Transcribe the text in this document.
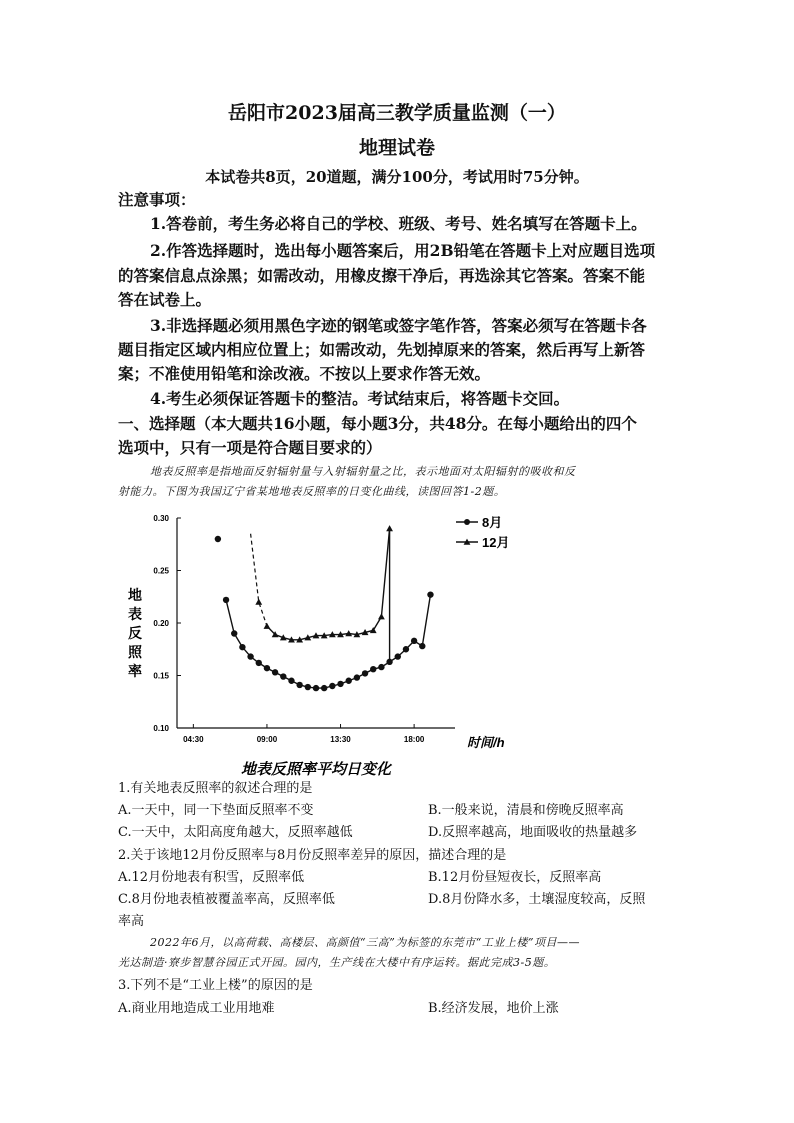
岳阳市2023届高三教学质量监测（一）
地理试卷
本试卷共8页，20道题，满分100分，考试用时75分钟。
注意事项：
1.答卷前，考生务必将自己的学校、班级、考号、姓名填写在答题卡上。
2.作答选择题时，选出每小题答案后，用2B铅笔在答题卡上对应题目选项
的答案信息点涂黑；如需改动，用橡皮擦干净后，再选涂其它答案。答案不能
答在试卷上。
3.非选择题必须用黑色字迹的钢笔或签字笔作答，答案必须写在答题卡各
题目指定区域内相应位置上；如需改动，先划掉原来的答案，然后再写上新答
案；不准使用铅笔和涂改液。不按以上要求作答无效。
4.考生必须保证答题卡的整洁。考试结束后，将答题卡交回。
一、选择题（本大题共16小题，每小题3分，共48分。在每小题给出的四个
选项中，只有一项是符合题目要求的）
地表反照率是指地面反射辐射量与入射辐射量之比，表示地面对太阳辐射的吸收和反
射能力。下图为我国辽宁省某地地表反照率的日变化曲线，读图回答1-2题。
0.30
0.25
0.20
0.15
0.10
04:30	09:00	13:30	18:00	时间/h
地
表
反
照
率
8月
12月
地表反照率平均日变化
1.有关地表反照率的叙述合理的是
A.一天中，同一下垫面反照率不变	B.一般来说，清晨和傍晚反照率高
C.一天中，太阳高度角越大，反照率越低	D.反照率越高，地面吸收的热量越多
2.关于该地12月份反照率与8月份反照率差异的原因，描述合理的是
A.12月份地表有积雪，反照率低	B.12月份昼短夜长，反照率高
C.8月份地表植被覆盖率高，反照率低	D.8月份降水多，土壤湿度较高，反照
率高
2022年6月，以高荷载、高楼层、高颜值“三高”为标签的东莞市“工业上楼”项目——
光达制造·寮步智慧谷园正式开园。园内，生产线在大楼中有序运转。据此完成3-5题。
3.下列不是“工业上楼”的原因的是
A.商业用地造成工业用地难	B.经济发展，地价上涨
